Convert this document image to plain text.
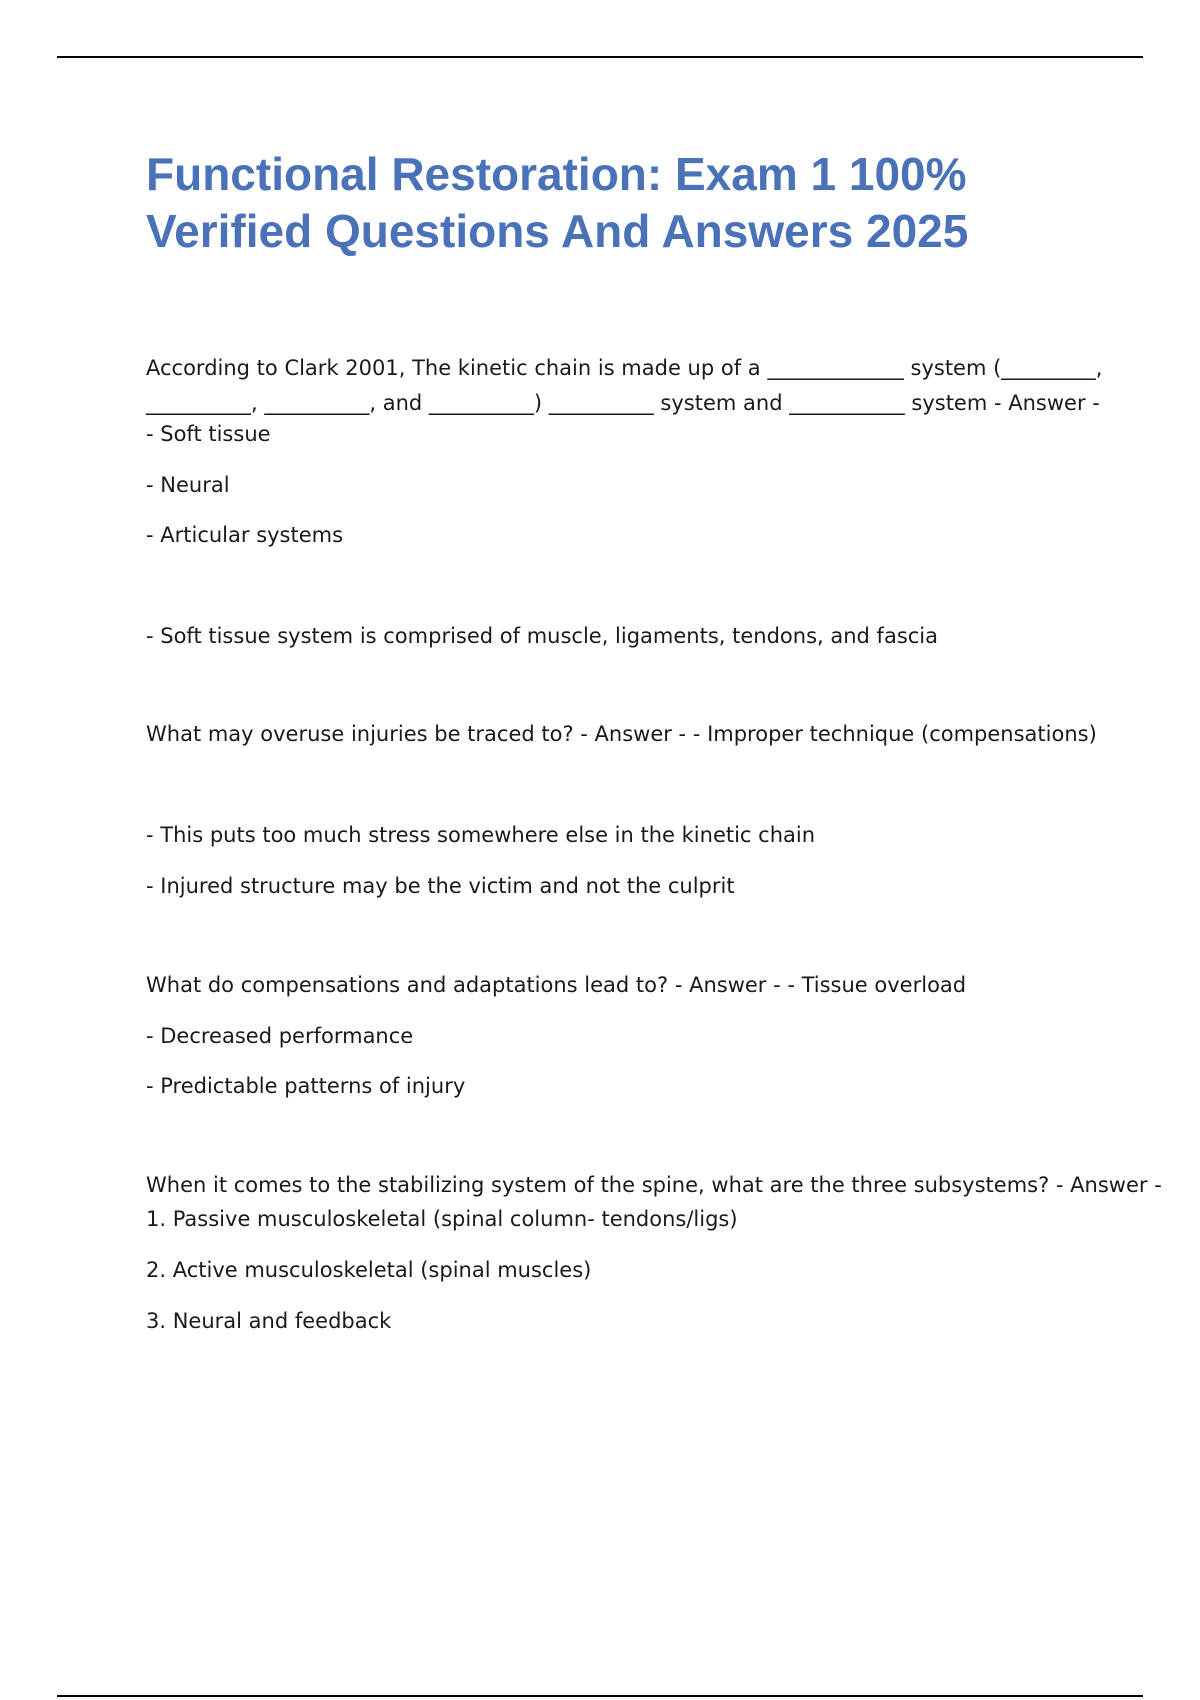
Functional Restoration: Exam 1 100%
Verified Questions And Answers 2025
According to Clark 2001, The kinetic chain is made up of a _____________ system (_________,
__________, __________, and __________) __________ system and ___________ system - Answer -
- Soft tissue
- Neural
- Articular systems
- Soft tissue system is comprised of muscle, ligaments, tendons, and fascia
What may overuse injuries be traced to? - Answer - - Improper technique (compensations)
- This puts too much stress somewhere else in the kinetic chain
- Injured structure may be the victim and not the culprit
What do compensations and adaptations lead to? - Answer - - Tissue overload
- Decreased performance
- Predictable patterns of injury
When it comes to the stabilizing system of the spine, what are the three subsystems? - Answer -
1. Passive musculoskeletal (spinal column- tendons/ligs)
2. Active musculoskeletal (spinal muscles)
3. Neural and feedback
